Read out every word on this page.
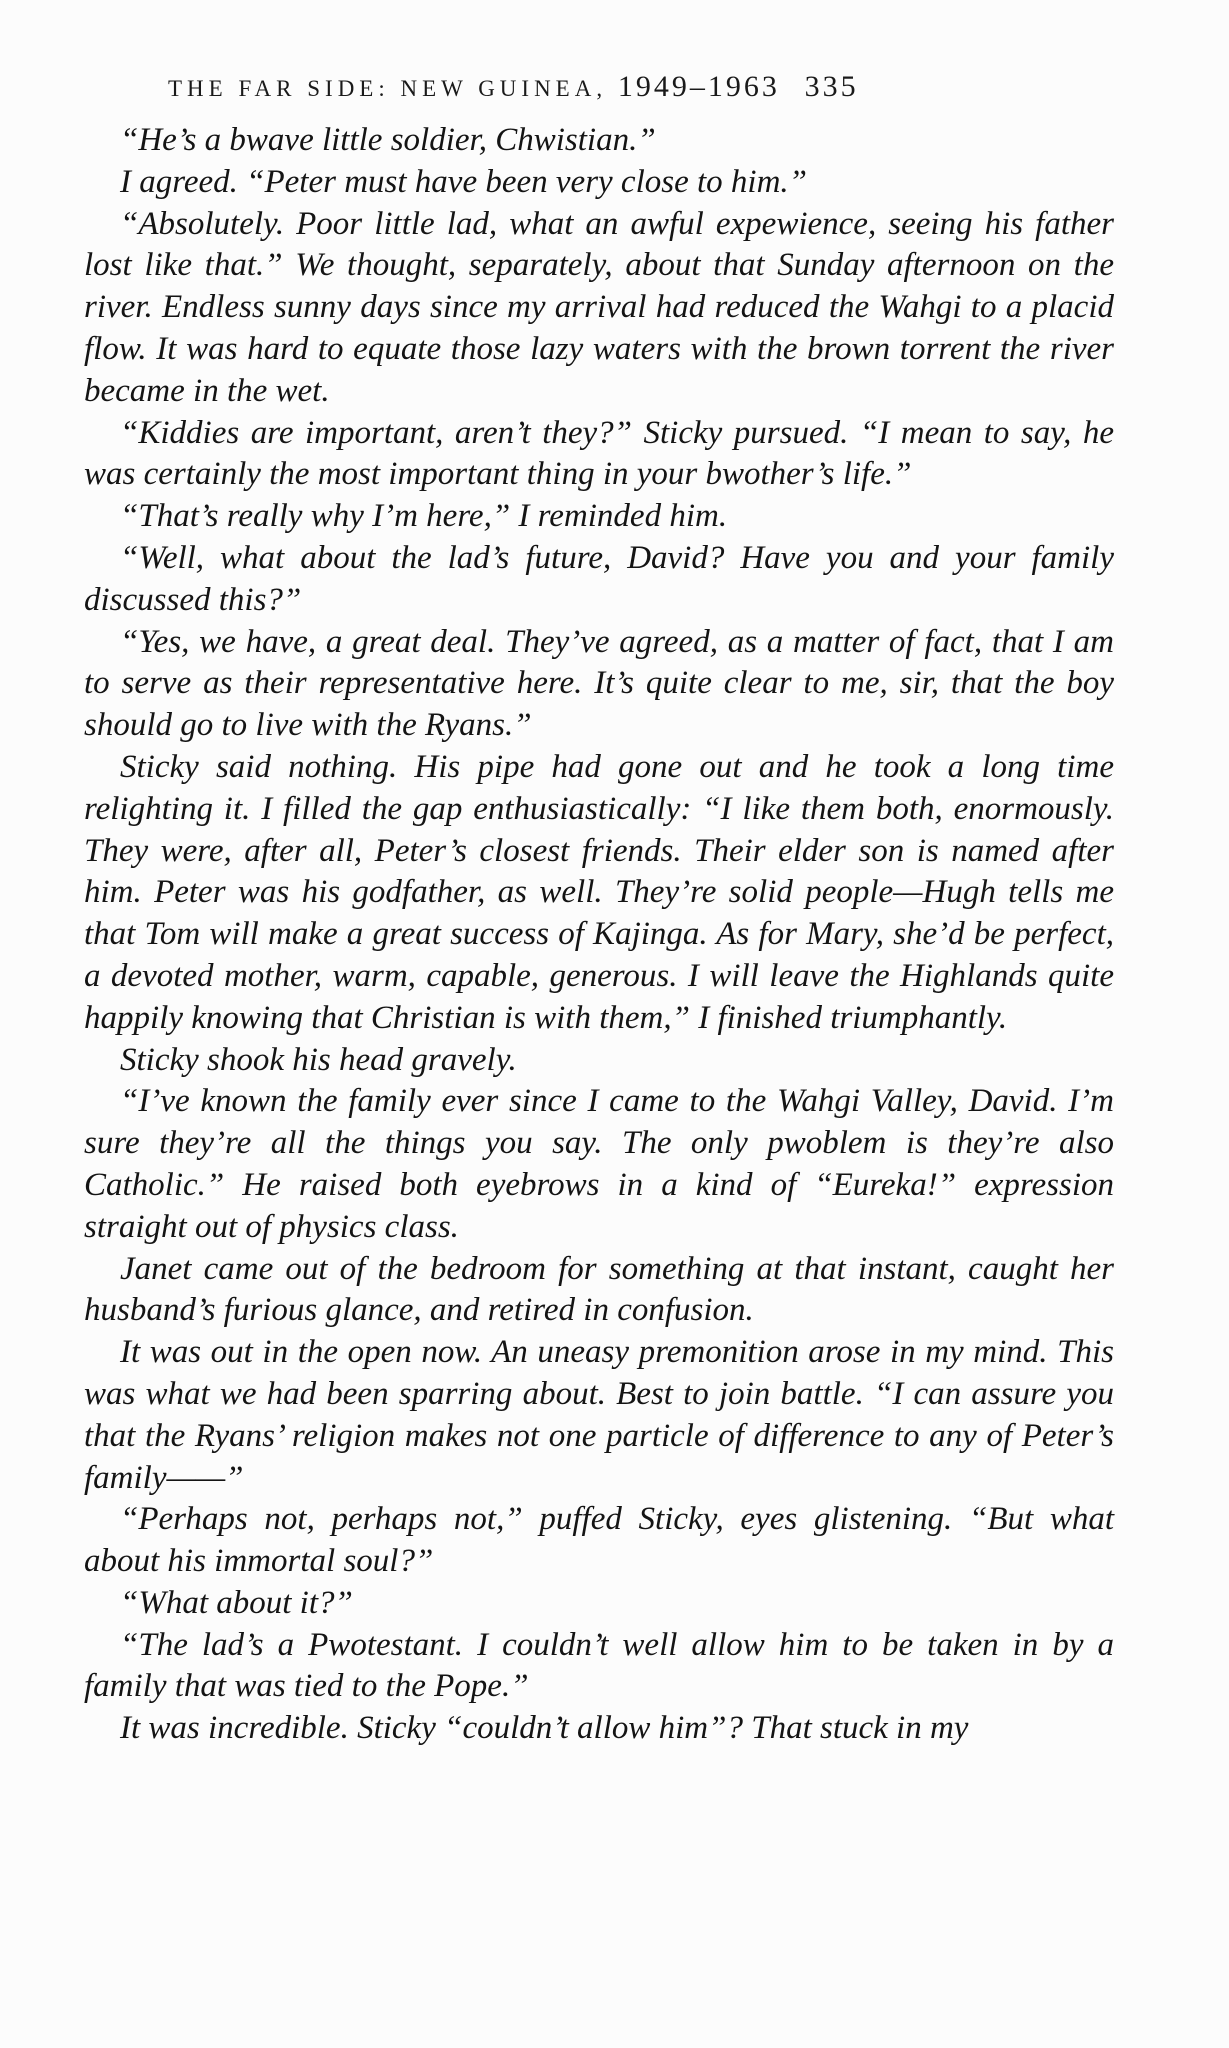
THE FAR SIDE: NEW GUINEA, 1949–1963 335

“He’s a bwave little soldier, Chwistian.”

I agreed. “Peter must have been very close to him.”

“Absolutely. Poor little lad, what an awful expewience, seeing his father lost like that.” We thought, separately, about that Sunday afternoon on the river. Endless sunny days since my arrival had reduced the Wahgi to a placid flow. It was hard to equate those lazy waters with the brown torrent the river became in the wet.

“Kiddies are important, aren’t they?” Sticky pursued. “I mean to say, he was certainly the most important thing in your bwother’s life.”

“That’s really why I’m here,” I reminded him.

“Well, what about the lad’s future, David? Have you and your family discussed this?”

“Yes, we have, a great deal. They’ve agreed, as a matter of fact, that I am to serve as their representative here. It’s quite clear to me, sir, that the boy should go to live with the Ryans.”

Sticky said nothing. His pipe had gone out and he took a long time relighting it. I filled the gap enthusiastically: “I like them both, enormously. They were, after all, Peter’s closest friends. Their elder son is named after him. Peter was his godfather, as well. They’re solid people—Hugh tells me that Tom will make a great success of Kajinga. As for Mary, she’d be perfect, a devoted mother, warm, capable, generous. I will leave the Highlands quite happily knowing that Christian is with them,” I finished triumphantly.

Sticky shook his head gravely.

“I’ve known the family ever since I came to the Wahgi Valley, David. I’m sure they’re all the things you say. The only pwoblem is they’re also Catholic.” He raised both eyebrows in a kind of “Eureka!” expression straight out of physics class.

Janet came out of the bedroom for something at that instant, caught her husband’s furious glance, and retired in confusion.

It was out in the open now. An uneasy premonition arose in my mind. This was what we had been sparring about. Best to join battle. “I can assure you that the Ryans’ religion makes not one particle of difference to any of Peter’s family——”

“Perhaps not, perhaps not,” puffed Sticky, eyes glistening. “But what about his immortal soul?”

“What about it?”

“The lad’s a Pwotestant. I couldn’t well allow him to be taken in by a family that was tied to the Pope.”

It was incredible. Sticky “couldn’t allow him”? That stuck in my
